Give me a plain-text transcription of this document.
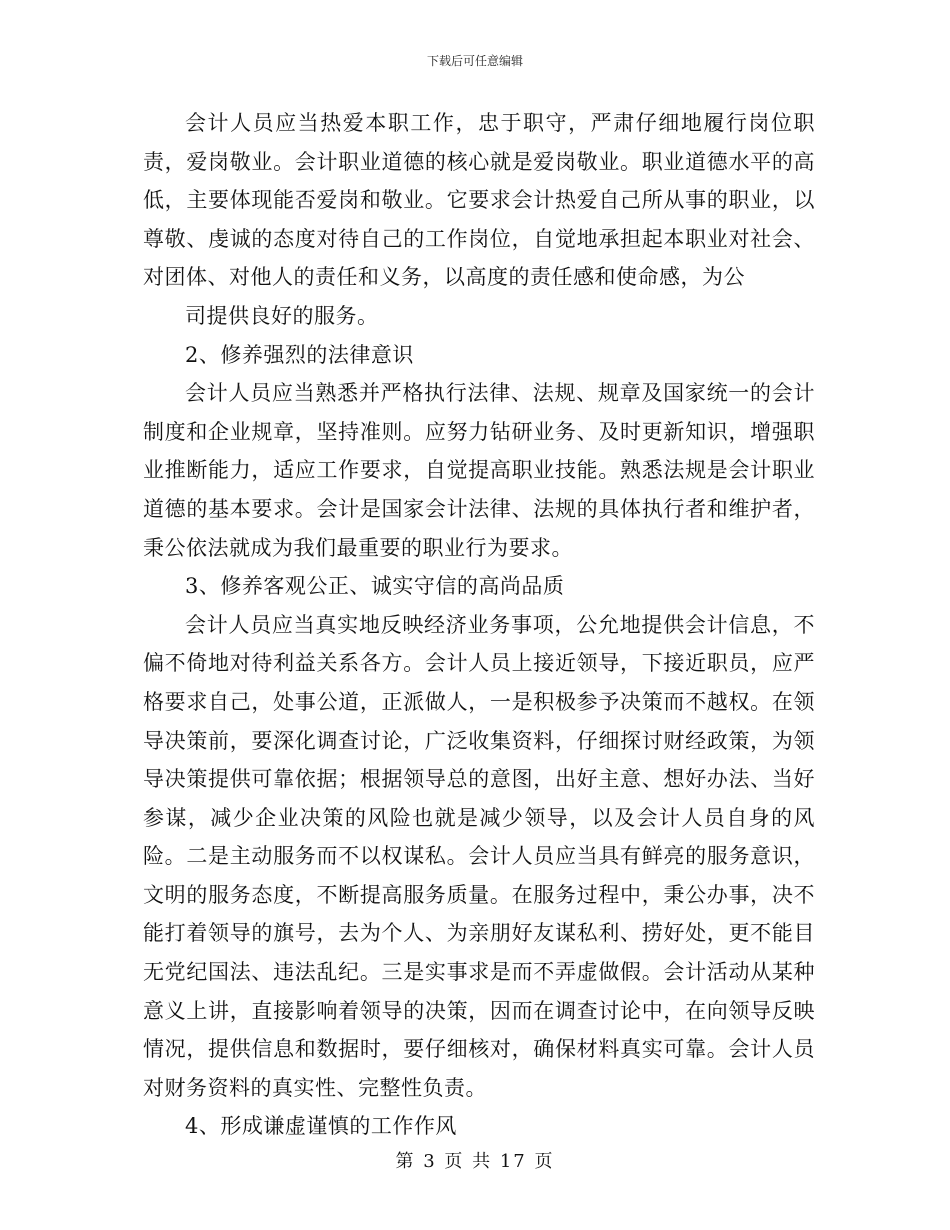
下载后可任意编辑

会计人员应当热爱本职工作，忠于职守，严肃仔细地履行岗位职责，爱岗敬业。会计职业道德的核心就是爱岗敬业。职业道德水平的高低，主要体现能否爱岗和敬业。它要求会计热爱自己所从事的职业，以尊敬、虔诚的态度对待自己的工作岗位，自觉地承担起本职业对社会、对团体、对他人的责任和义务，以高度的责任感和使命感，为公

司提供良好的服务。

2、修养强烈的法律意识

会计人员应当熟悉并严格执行法律、法规、规章及国家统一的会计制度和企业规章，坚持准则。应努力钻研业务、及时更新知识，增强职业推断能力，适应工作要求，自觉提高职业技能。熟悉法规是会计职业道德的基本要求。会计是国家会计法律、法规的具体执行者和维护者，秉公依法就成为我们最重要的职业行为要求。

3、修养客观公正、诚实守信的高尚品质

会计人员应当真实地反映经济业务事项，公允地提供会计信息，不偏不倚地对待利益关系各方。会计人员上接近领导，下接近职员，应严格要求自己，处事公道，正派做人，一是积极参予决策而不越权。在领导决策前，要深化调查讨论，广泛收集资料，仔细探讨财经政策，为领导决策提供可靠依据；根据领导总的意图，出好主意、想好办法、当好参谋，减少企业决策的风险也就是减少领导，以及会计人员自身的风险。二是主动服务而不以权谋私。会计人员应当具有鲜亮的服务意识，文明的服务态度，不断提高服务质量。在服务过程中，秉公办事，决不能打着领导的旗号，去为个人、为亲朋好友谋私利、捞好处，更不能目无党纪国法、违法乱纪。三是实事求是而不弄虚做假。会计活动从某种意义上讲，直接影响着领导的决策，因而在调查讨论中，在向领导反映情况，提供信息和数据时，要仔细核对，确保材料真实可靠。会计人员对财务资料的真实性、完整性负责。

4、形成谦虚谨慎的工作作风

第 3 页 共 17 页
